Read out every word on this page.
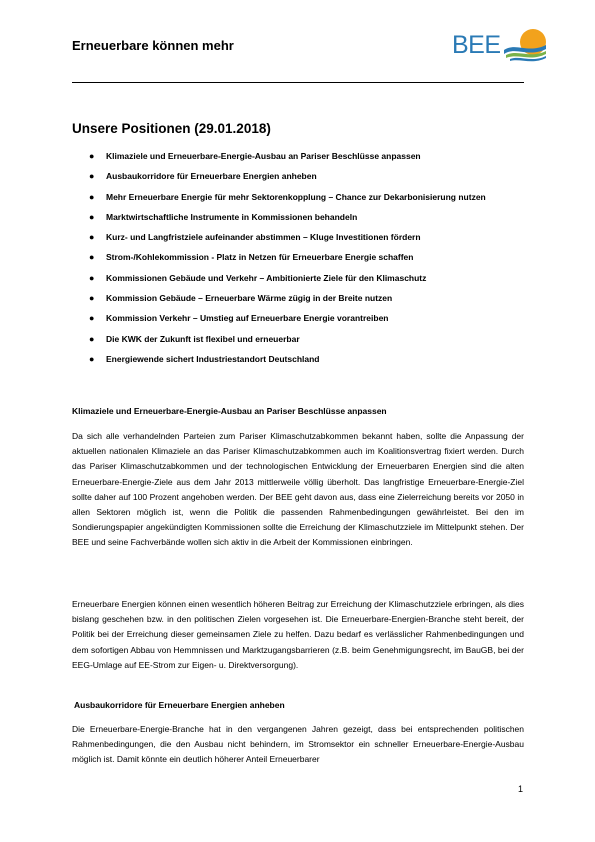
Erneuerbare können mehr	BEE
Unsere Positionen (29.01.2018)
● Klimaziele und Erneuerbare-Energie-Ausbau an Pariser Beschlüsse anpassen
● Ausbaukorridore für Erneuerbare Energien anheben
● Mehr Erneuerbare Energie für mehr Sektorenkopplung – Chance zur Dekarbonisierung nutzen
● Marktwirtschaftliche Instrumente in Kommissionen behandeln
● Kurz- und Langfristziele aufeinander abstimmen – Kluge Investitionen fördern
● Strom-/Kohlekommission - Platz in Netzen für Erneuerbare Energie schaffen
● Kommissionen Gebäude und Verkehr – Ambitionierte Ziele für den Klimaschutz
● Kommission Gebäude – Erneuerbare Wärme zügig in der Breite nutzen
● Kommission Verkehr – Umstieg auf Erneuerbare Energie vorantreiben
● Die KWK der Zukunft ist flexibel und erneuerbar
● Energiewende sichert Industriestandort Deutschland
Klimaziele und Erneuerbare-Energie-Ausbau an Pariser Beschlüsse anpassen

Da sich alle verhandelnden Parteien zum Pariser Klimaschutzabkommen bekannt haben, sollte die Anpassung der aktuellen nationalen Klimaziele an das Pariser Klimaschutzabkommen auch im Koalitionsvertrag fixiert werden. Durch das Pariser Klimaschutzabkommen und der technologischen Entwicklung der Erneuerbaren Energien sind die alten Erneuerbare-Energie-Ziele aus dem Jahr 2013 mittlerweile völlig überholt. Das langfristige Erneuerbare-Energie-Ziel sollte daher auf 100 Prozent angehoben werden. Der BEE geht davon aus, dass eine Zielerreichung bereits vor 2050 in allen Sektoren möglich ist, wenn die Politik die passenden Rahmenbedingungen gewährleistet. Bei den im Sondierungspapier angekündigten Kommissionen sollte die Erreichung der Klimaschutzziele im Mittelpunkt stehen. Der BEE und seine Fachverbände wollen sich aktiv in die Arbeit der Kommissionen einbringen.

Erneuerbare Energien können einen wesentlich höheren Beitrag zur Erreichung der Klimaschutzziele erbringen, als dies bislang geschehen bzw. in den politischen Zielen vorgesehen ist. Die Erneuerbare-Energien-Branche steht bereit, der Politik bei der Erreichung dieser gemeinsamen Ziele zu helfen. Dazu bedarf es verlässlicher Rahmenbedingungen und dem sofortigen Abbau von Hemmnissen und Marktzugangsbarrieren (z.B. beim Genehmigungsrecht, im BauGB, bei der EEG-Umlage auf EE-Strom zur Eigen- u. Direktversorgung).

Ausbaukorridore für Erneuerbare Energien anheben

Die Erneuerbare-Energie-Branche hat in den vergangenen Jahren gezeigt, dass bei entsprechenden politischen Rahmenbedingungen, die den Ausbau nicht behindern, im Stromsektor ein schneller Erneuerbare-Energie-Ausbau möglich ist. Damit könnte ein deutlich höherer Anteil Erneuerbarer

1
